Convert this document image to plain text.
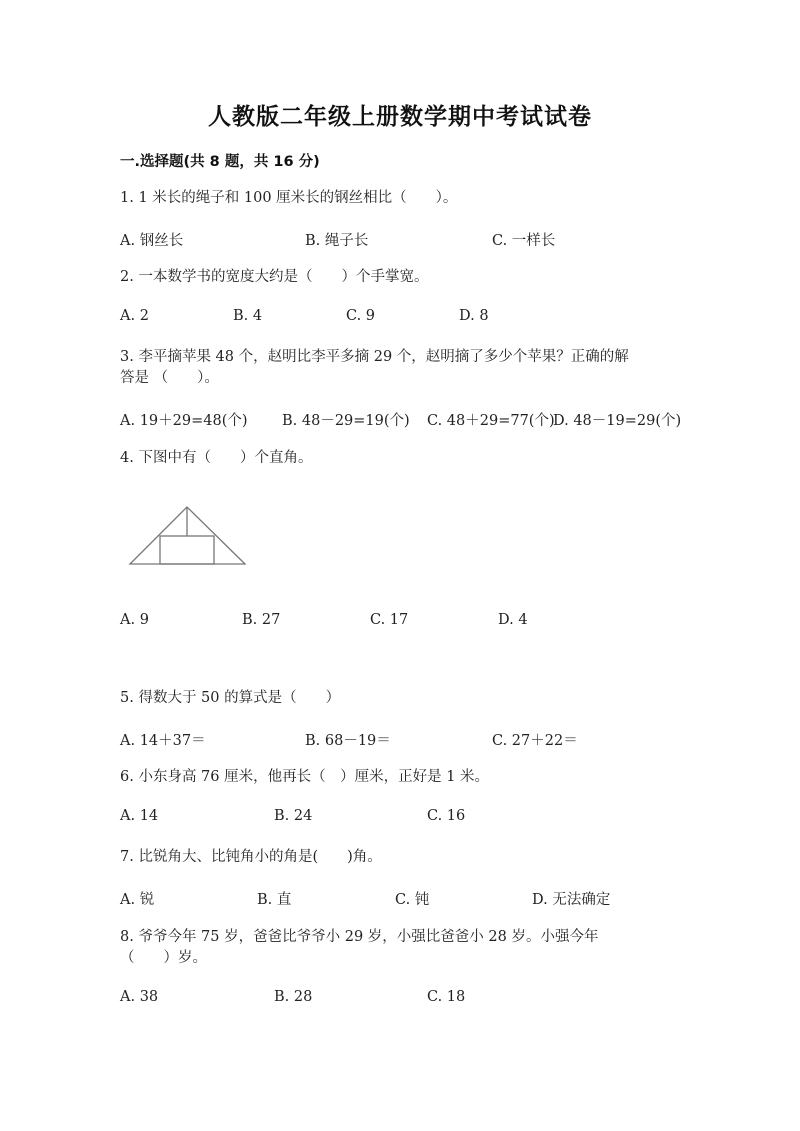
人教版二年级上册数学期中考试试卷
一.选择题(共 8 题，共 16 分)
1. 1 米长的绳子和 100 厘米长的钢丝相比（　　）。
A. 钢丝长	B. 绳子长	C. 一样长
2. 一本数学书的宽度大约是（　　）个手掌宽。
A. 2	B. 4	C. 9	D. 8
3. 李平摘苹果 48 个，赵明比李平多摘 29 个，赵明摘了多少个苹果？正确的解
答是 （　　）。
A. 19＋29=48(个) B. 48－29=19(个) C. 48＋29=77(个)
D. 48－19=29(个)
4. 下图中有（　　）个直角。
A. 9	B. 27	C. 17	D. 4
5. 得数大于 50 的算式是（　　）
A. 14＋37＝	B. 68－19＝	C. 27＋22＝
6. 小东身高 76 厘米，他再长（　）厘米，正好是 1 米。
A. 14	B. 24	C. 16
7. 比锐角大、比钝角小的角是(　　)角。
A. 锐	B. 直	C. 钝	D. 无法确定
8. 爷爷今年 75 岁，爸爸比爷爷小 29 岁，小强比爸爸小 28 岁。小强今年
（　　）岁。
A. 38	B. 28	C. 18
